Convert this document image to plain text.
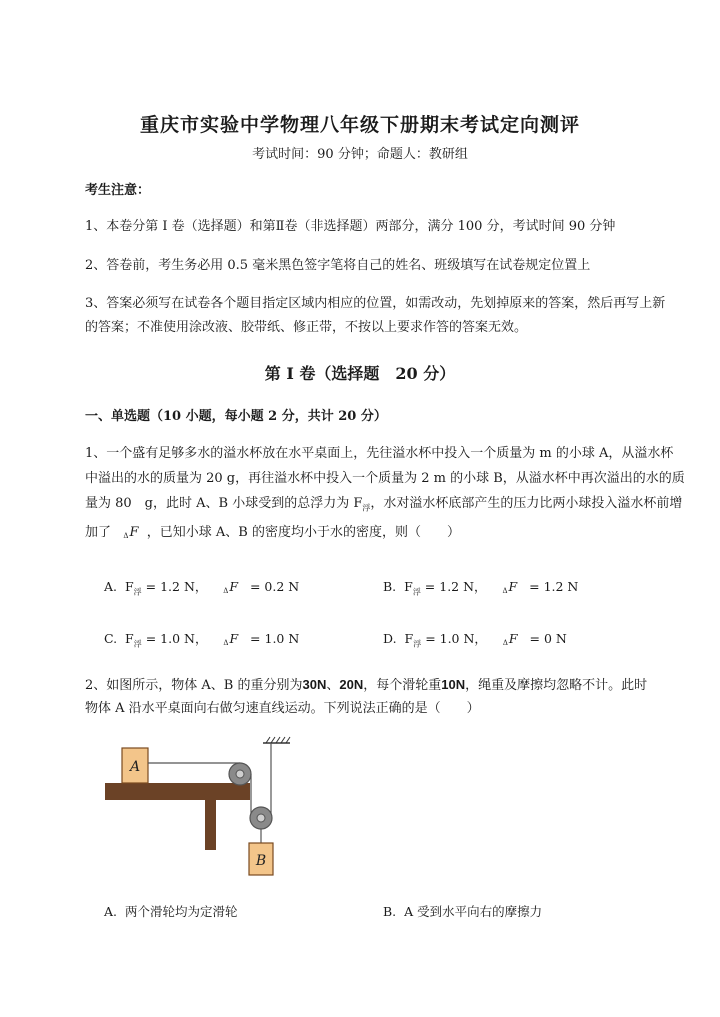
重庆市实验中学物理八年级下册期末考试定向测评
考试时间：90 分钟；命题人：教研组
考生注意：
1、本卷分第 I 卷（选择题）和第Ⅱ卷（非选择题）两部分，满分 100 分，考试时间 90 分钟
2、答卷前，考生务必用 0.5 毫米黑色签字笔将自己的姓名、班级填写在试卷规定位置上
3、答案必须写在试卷各个题目指定区域内相应的位置，如需改动，先划掉原来的答案，然后再写上新
的答案；不准使用涂改液、胶带纸、修正带，不按以上要求作答的答案无效。
第 I 卷（选择题　20 分）
一、单选题（10 小题，每小题 2 分，共计 20 分）
1、一个盛有足够多水的溢水杯放在水平桌面上，先往溢水杯中投入一个质量为 m 的小球 A，从溢水杯
中溢出的水的质量为 20 g，再往溢水杯中投入一个质量为 2 m 的小球 B，从溢水杯中再次溢出的水的质
量为 80　g，此时 A、B 小球受到的总浮力为 $F_浮$，水对溢水杯底部产生的压力比两小球投入溢水杯前增
加了 ΔF ，已知小球 A、B 的密度均小于水的密度，则（　　）
A. $F_浮 = 1.2$ N， ΔF = 0.2 N	B. $F_浮 = 1.2$ N， ΔF = 1.2 N
C. $F_浮 = 1.0$ N， ΔF = 1.0 N	D. $F_浮 = 1.0$ N， ΔF = 0 N
2、如图所示，物体 A、B 的重分别为30N、20N，每个滑轮重10N，绳重及摩擦均忽略不计。此时
物体 A 沿水平桌面向右做匀速直线运动。下列说法正确的是（　　）
A
B
A. 两个滑轮均为定滑轮	B. A 受到水平向右的摩擦力
